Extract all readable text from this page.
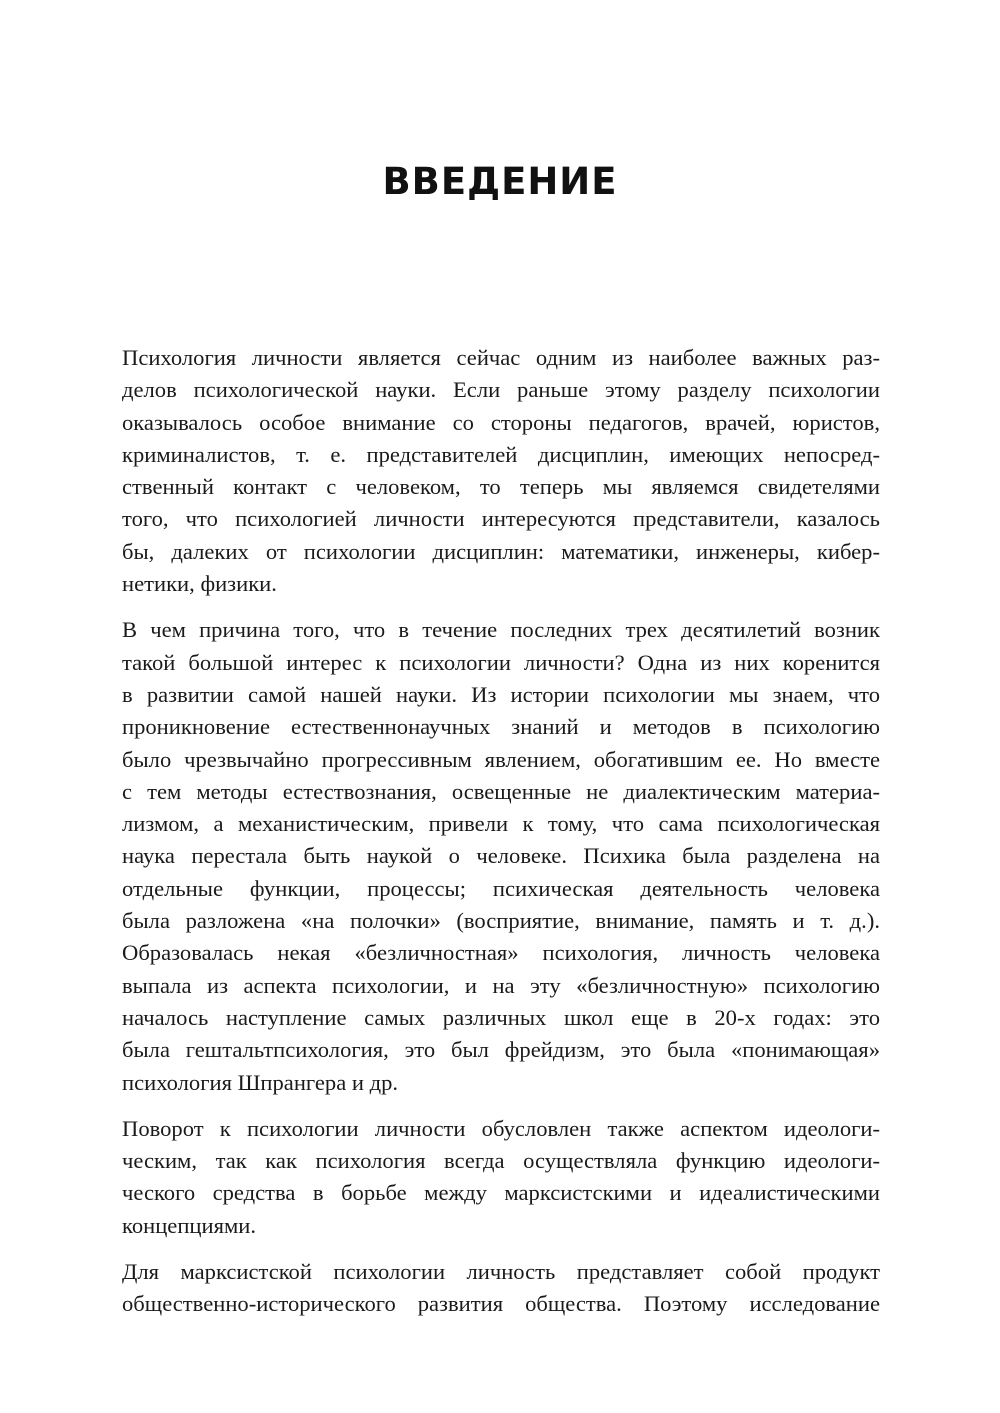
ВВЕДЕНИЕ

Психология личности является сейчас одним из наиболее важных раз-
делов психологической науки. Если раньше этому разделу психологии
оказывалось особое внимание со стороны педагогов, врачей, юристов,
криминалистов, т. е. представителей дисциплин, имеющих непосред-
ственный контакт с человеком, то теперь мы являемся свидетелями
того, что психологией личности интересуются представители, казалось
бы, далеких от психологии дисциплин: математики, инженеры, кибер-
нетики, физики.

В чем причина того, что в течение последних трех десятилетий возник
такой большой интерес к психологии личности? Одна из них коренится
в развитии самой нашей науки. Из истории психологии мы знаем, что
проникновение естественнонаучных знаний и методов в психологию
было чрезвычайно прогрессивным явлением, обогатившим ее. Но вместе
с тем методы естествознания, освещенные не диалектическим материа-
лизмом, а механистическим, привели к тому, что сама психологическая
наука перестала быть наукой о человеке. Психика была разделена на
отдельные функции, процессы; психическая деятельность человека
была разложена «на полочки» (восприятие, внимание, память и т. д.).
Образовалась некая «безличностная» психология, личность человека
выпала из аспекта психологии, и на эту «безличностную» психологию
началось наступление самых различных школ еще в 20-х годах: это
была гештальтпсихология, это был фрейдизм, это была «понимающая»
психология Шпрангера и др.

Поворот к психологии личности обусловлен также аспектом идеологи-
ческим, так как психология всегда осуществляла функцию идеологи-
ческого средства в борьбе между марксистскими и идеалистическими
концепциями.

Для марксистской психологии личность представляет собой продукт
общественно-исторического развития общества. Поэтому исследование
